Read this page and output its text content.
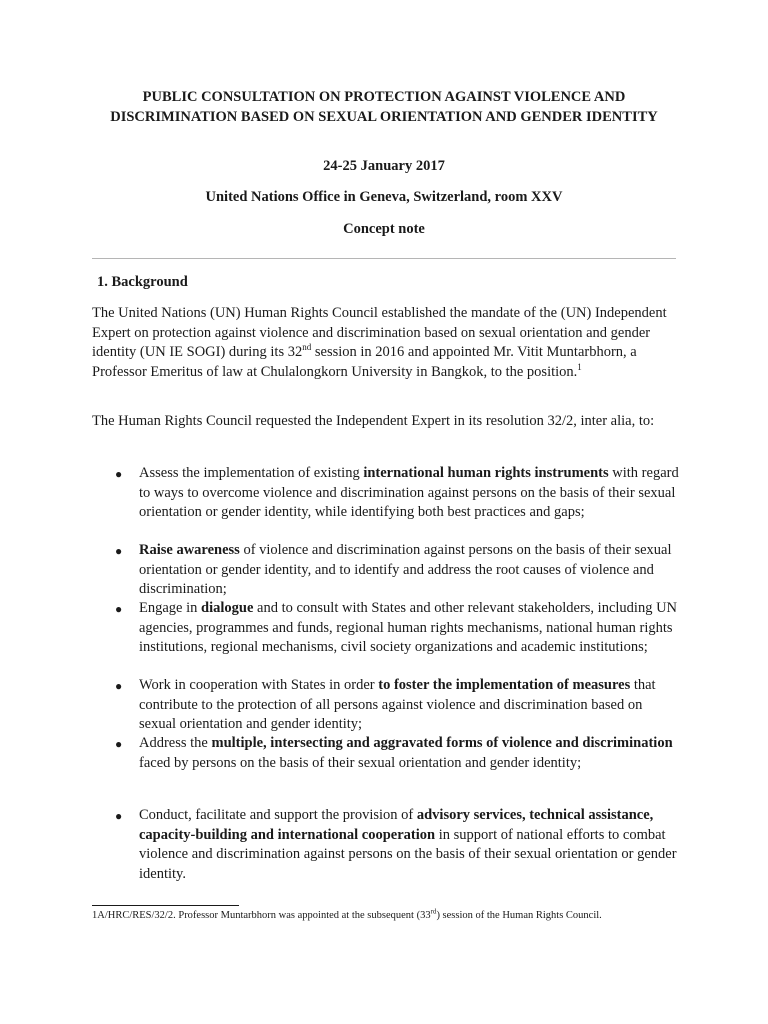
PUBLIC CONSULTATION ON PROTECTION AGAINST VIOLENCE AND DISCRIMINATION BASED ON SEXUAL ORIENTATION AND GENDER IDENTITY
24-25 January 2017
United Nations Office in Geneva, Switzerland, room XXV
Concept note
1. Background

The United Nations (UN) Human Rights Council established the mandate of the (UN) Independent Expert on protection against violence and discrimination based on sexual orientation and gender identity (UN IE SOGI) during its 32nd session in 2016 and appointed Mr. Vitit Muntarbhorn, a Professor Emeritus of law at Chulalongkorn University in Bangkok, to the position.$^1$

The Human Rights Council requested the Independent Expert in its resolution 32/2, inter alia, to:

● Assess the implementation of existing international human rights instruments with regard to ways to overcome violence and discrimination against persons on the basis of their sexual orientation or gender identity, while identifying both best practices and gaps;
● Raise awareness of violence and discrimination against persons on the basis of their sexual orientation or gender identity, and to identify and address the root causes of violence and discrimination;
● Engage in dialogue and to consult with States and other relevant stakeholders, including UN agencies, programmes and funds, regional human rights mechanisms, national human rights institutions, regional mechanisms, civil society organizations and academic institutions;
● Work in cooperation with States in order to foster the implementation of measures that contribute to the protection of all persons against violence and discrimination based on sexual orientation and gender identity;
● Address the multiple, intersecting and aggravated forms of violence and discrimination faced by persons on the basis of their sexual orientation and gender identity;
● Conduct, facilitate and support the provision of advisory services, technical assistance, capacity-building and international cooperation in support of national efforts to combat violence and discrimination against persons on the basis of their sexual orientation or gender identity.
1A/HRC/RES/32/2. Professor Muntarbhorn was appointed at the subsequent (33rd) session of the Human Rights Council.
